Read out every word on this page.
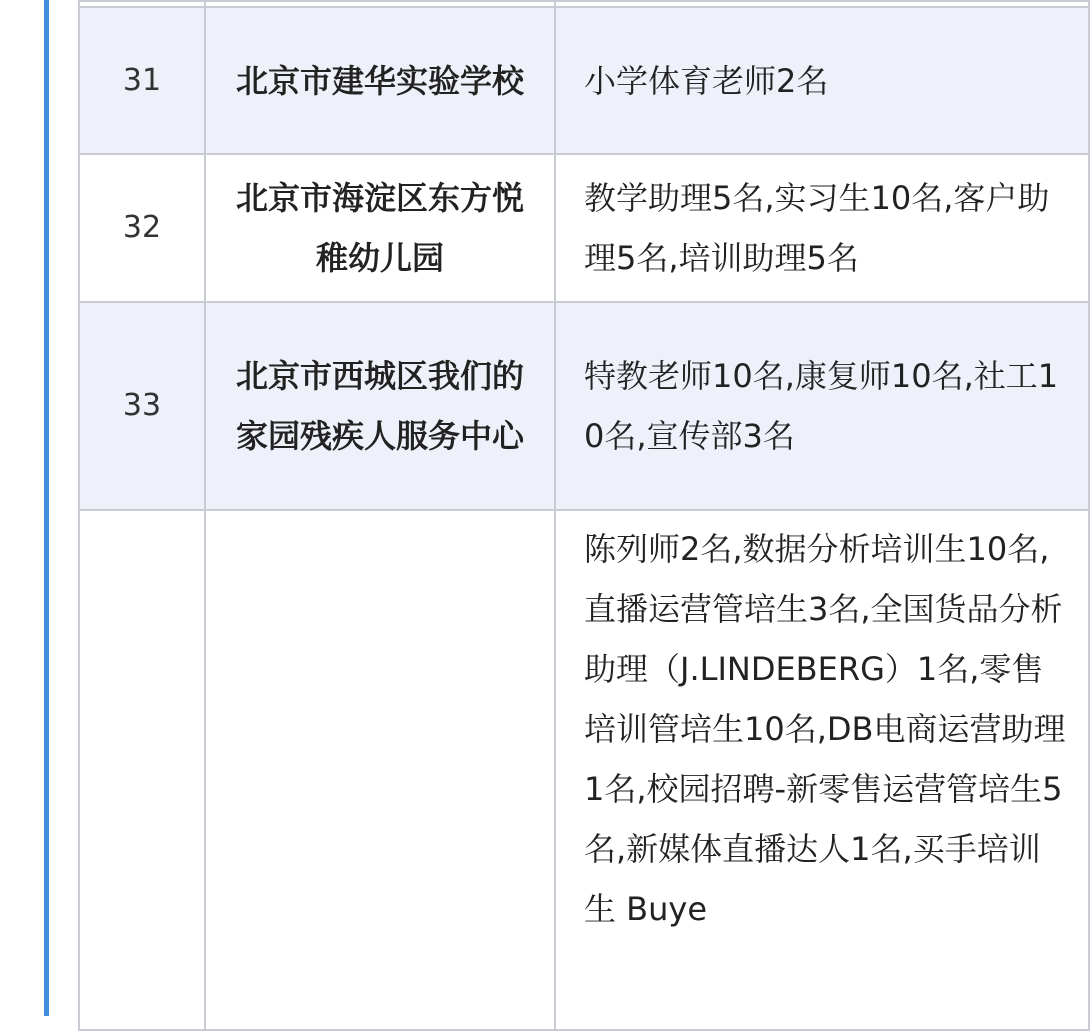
31	北京市建华实验学校	小学体育老师2名
32	北京市海淀区东方悦稚幼儿园	教学助理5名,实习生10名,客户助理5名,培训助理5名
33	北京市西城区我们的家园残疾人服务中心	特教老师10名,康复师10名,社工10名,宣传部3名
		陈列师2名,数据分析培训生10名,直播运营管培生3名,全国货品分析助理（J.LINDEBERG）1名,零售培训管培生10名,DB电商运营助理1名,校园招聘-新零售运营管培生5名,新媒体直播达人1名,买手培训生 Buye
